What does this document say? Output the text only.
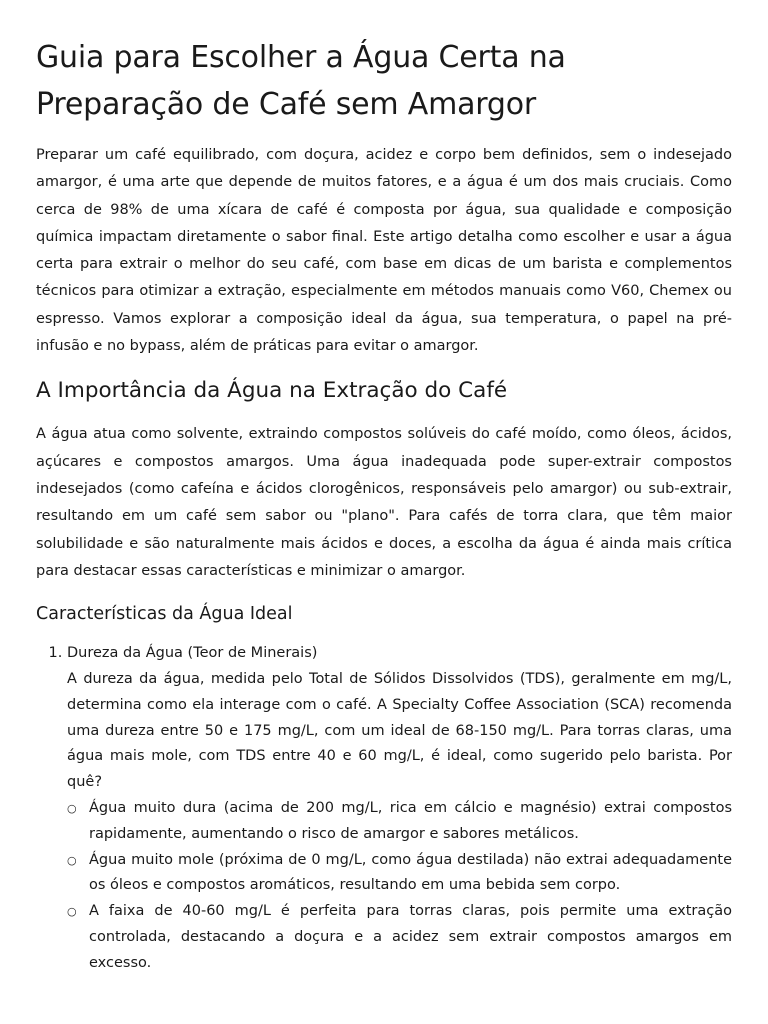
Guia para Escolher a Água Certa na Preparação de Café sem Amargor

Preparar um café equilibrado, com doçura, acidez e corpo bem definidos, sem o indesejado amargor, é uma arte que depende de muitos fatores, e a água é um dos mais cruciais. Como cerca de 98% de uma xícara de café é composta por água, sua qualidade e composição química impactam diretamente o sabor final. Este artigo detalha como escolher e usar a água certa para extrair o melhor do seu café, com base em dicas de um barista e complementos técnicos para otimizar a extração, especialmente em métodos manuais como V60, Chemex ou espresso. Vamos explorar a composição ideal da água, sua temperatura, o papel na pré-infusão e no bypass, além de práticas para evitar o amargor.

A Importância da Água na Extração do Café

A água atua como solvente, extraindo compostos solúveis do café moído, como óleos, ácidos, açúcares e compostos amargos. Uma água inadequada pode super-extrair compostos indesejados (como cafeína e ácidos clorogênicos, responsáveis pelo amargor) ou sub-extrair, resultando em um café sem sabor ou "plano". Para cafés de torra clara, que têm maior solubilidade e são naturalmente mais ácidos e doces, a escolha da água é ainda mais crítica para destacar essas características e minimizar o amargor.

Características da Água Ideal
1. Dureza da Água (Teor de Minerais)
A dureza da água, medida pelo Total de Sólidos Dissolvidos (TDS), geralmente em mg/L, determina como ela interage com o café. A Specialty Coffee Association (SCA) recomenda uma dureza entre 50 e 175 mg/L, com um ideal de 68-150 mg/L. Para torras claras, uma água mais mole, com TDS entre 40 e 60 mg/L, é ideal, como sugerido pelo barista. Por quê?
○ Água muito dura (acima de 200 mg/L, rica em cálcio e magnésio) extrai compostos rapidamente, aumentando o risco de amargor e sabores metálicos.
○ Água muito mole (próxima de 0 mg/L, como água destilada) não extrai adequadamente os óleos e compostos aromáticos, resultando em uma bebida sem corpo.
○ A faixa de 40-60 mg/L é perfeita para torras claras, pois permite uma extração controlada, destacando a doçura e a acidez sem extrair compostos amargos em excesso.
